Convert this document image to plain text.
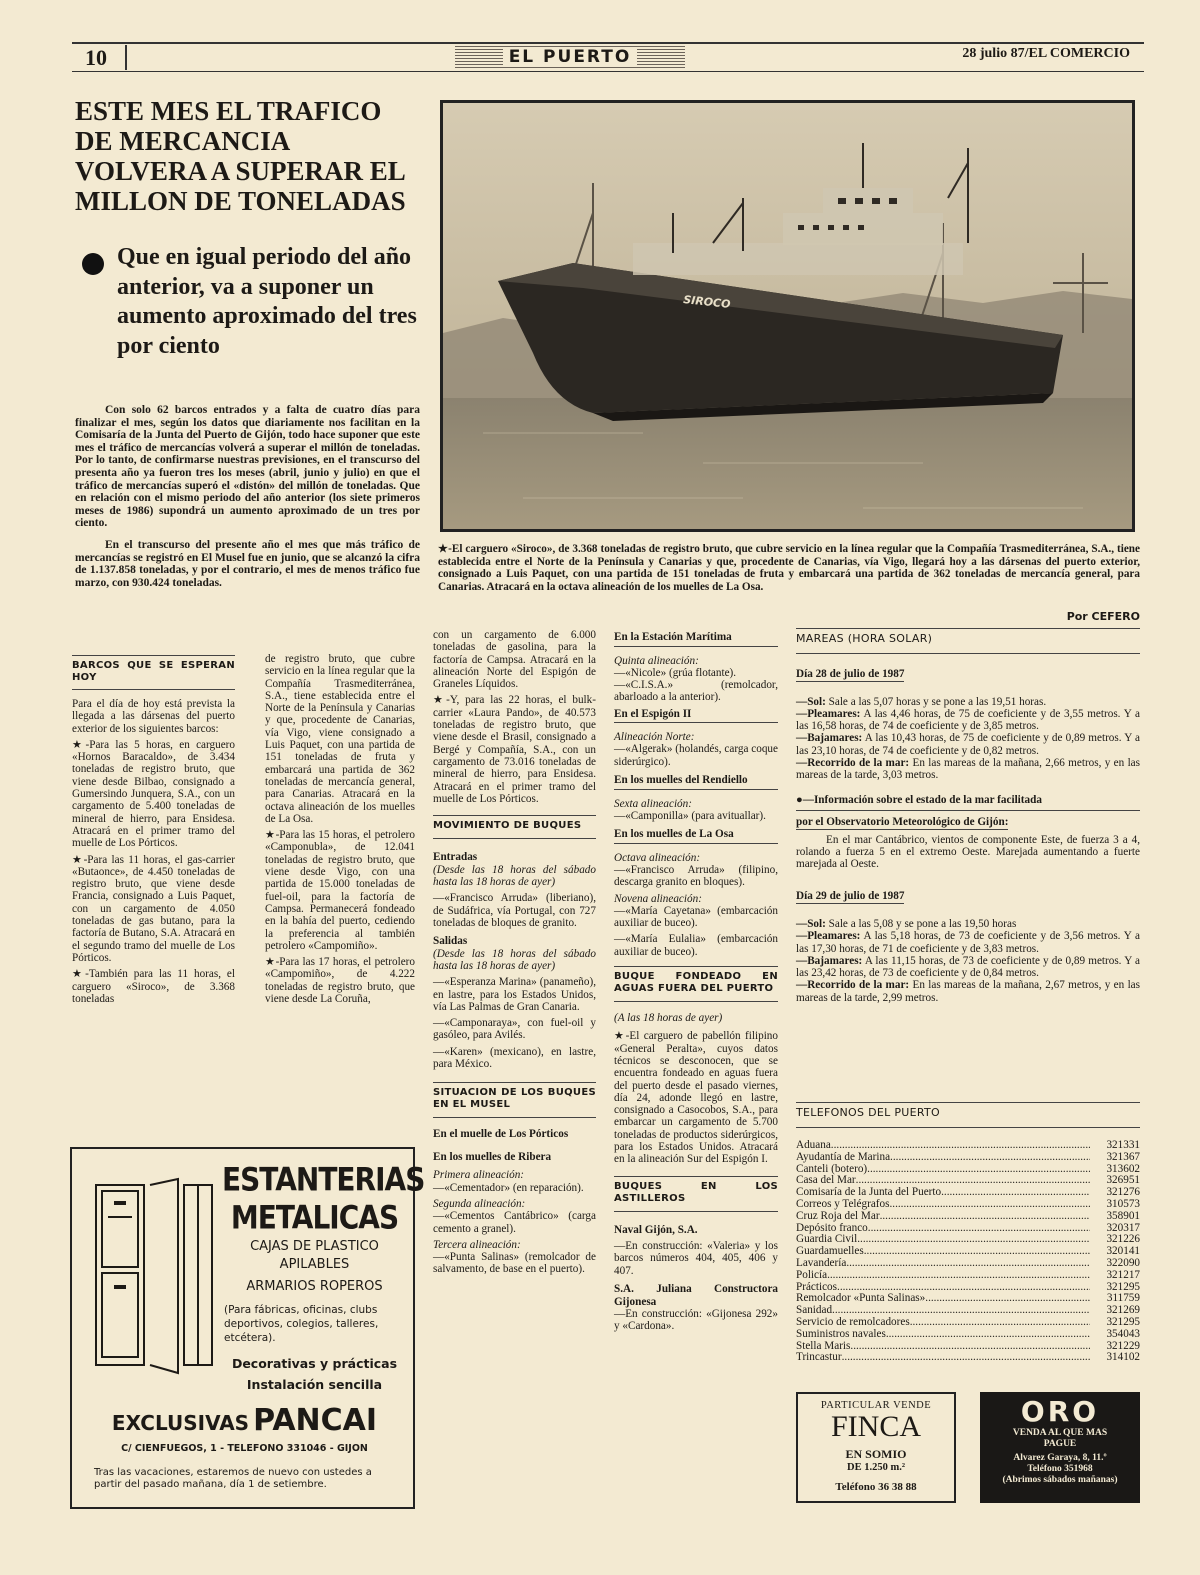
10	EL PUERTO	28 julio 87/EL COMERCIO
ESTE MES EL TRAFICO DE MERCANCIA VOLVERA A SUPERAR EL MILLON DE TONELADAS
Que en igual periodo del año anterior, va a suponer un aumento aproximado del tres por ciento

Con solo 62 barcos entrados y a falta de cuatro días para finalizar el mes, según los datos que diariamente nos facilitan en la Comisaría de la Junta del Puerto de Gijón, todo hace suponer que este mes el tráfico de mercancías volverá a superar el millón de toneladas. Por lo tanto, de confirmarse nuestras previsiones, en el transcurso del presenta año ya fueron tres los meses (abril, junio y julio) en que el tráfico de mercancías superó el «distón» del millón de toneladas. Que en relación con el mismo periodo del año anterior (los siete primeros meses de 1986) supondrá un aumento aproximado de un tres por ciento.

En el transcurso del presente año el mes que más tráfico de mercancías se registró en El Musel fue en junio, que se alcanzó la cifra de 1.137.858 toneladas, y por el contrario, el mes de menos tráfico fue marzo, con 930.424 toneladas.

SIROCO
★-El carguero «Siroco», de 3.368 toneladas de registro bruto, que cubre servicio en la línea regular que la Compañía Trasmediterránea, S.A., tiene establecida entre el Norte de la Península y Canarias y que, procedente de Canarias, vía Vigo, llegará hoy a las dársenas del puerto exterior, consignado a Luis Paquet, con una partida de 151 toneladas de fruta y embarcará una partida de 362 toneladas de mercancía general, para Canarias. Atracará en la octava alineación de los muelles de La Osa.
Por CEFERO
BARCOS QUE SE ESPERAN HOY

Para el día de hoy está prevista la llegada a las dársenas del puerto exterior de los siguientes barcos:

★-Para las 5 horas, en carguero «Hornos Baracaldo», de 3.434 toneladas de registro bruto, que viene desde Bilbao, consignado a Gumersindo Junquera, S.A., con un cargamento de 5.400 toneladas de mineral de hierro, para Ensidesa. Atracará en el primer tramo del muelle de Los Pórticos.

★-Para las 11 horas, el gas-carrier «Butaonce», de 4.450 toneladas de registro bruto, que viene desde Francia, consignado a Luis Paquet, con un cargamento de 4.050 toneladas de gas butano, para la factoría de Butano, S.A. Atracará en el segundo tramo del muelle de Los Pórticos.

★-También para las 11 horas, el carguero «Siroco», de 3.368 toneladas

de registro bruto, que cubre servicio en la línea regular que la Compañía Trasmediterránea, S.A., tiene establecida entre el Norte de la Península y Canarias y que, procedente de Canarias, vía Vigo, viene consignado a Luis Paquet, con una partida de 151 toneladas de fruta y embarcará una partida de 362 toneladas de mercancía general, para Canarias. Atracará en la octava alineación de los muelles de La Osa.

★-Para las 15 horas, el petrolero «Camponubla», de 12.041 toneladas de registro bruto, que viene desde Vigo, con una partida de 15.000 toneladas de fuel-oil, para la factoría de Campsa. Permanecerá fondeado en la bahía del puerto, cediendo la preferencia al también petrolero «Campomiño».

★-Para las 17 horas, el petrolero «Campomiño», de 4.222 toneladas de registro bruto, que viene desde La Coruña,

con un cargamento de 6.000 toneladas de gasolina, para la factoría de Campsa. Atracará en la alineación Norte del Espigón de Graneles Líquidos.

★-Y, para las 22 horas, el bulk-carrier «Laura Pando», de 40.573 toneladas de registro bruto, que viene desde el Brasil, consignado a Bergé y Compañía, S.A., con un cargamento de 73.016 toneladas de mineral de hierro, para Ensidesa. Atracará en el primer tramo del muelle de Los Pórticos.

MOVIMIENTO DE BUQUES
Entradas
(Desde las 18 horas del sábado hasta las 18 horas de ayer)

—«Francisco Arruda» (liberiano), de Sudáfrica, vía Portugal, con 727 toneladas de bloques de granito.

Salidas
(Desde las 18 horas del sábado hasta las 18 horas de ayer)

—«Esperanza Marina» (panameño), en lastre, para los Estados Unidos, vía Las Palmas de Gran Canaria.

—«Camponaraya», con fuel-oil y gasóleo, para Avilés.

—«Karen» (mexicano), en lastre, para México.

SITUACION DE LOS BUQUES EN EL MUSEL
En el muelle de Los Pórticos
En los muelles de Ribera
Primera alineación:

—«Cementador» (en reparación).

Segunda alineación:

—«Cementos Cantábrico» (carga cemento a granel).

Tercera alineación:

—«Punta Salinas» (remolcador de salvamento, de base en el puerto).

En la Estación Marítima
Quinta alineación:

—«Nicole» (grúa flotante).

—«C.I.S.A.» (remolcador, abarloado a la anterior).

En el Espigón II
Alineación Norte:

—«Algerak» (holandés, carga coque siderúrgico).

En los muelles del Rendiello
Sexta alineación:

—«Camponilla» (para avituallar).

En los muelles de La Osa
Octava alineación:

—«Francisco Arruda» (filipino, descarga granito en bloques).

Novena alineación:

—«María Cayetana» (embarcación auxiliar de buceo).

—«María Eulalia» (embarcación auxiliar de buceo).

BUQUE FONDEADO EN AGUAS FUERA DEL PUERTO
(A las 18 horas de ayer)

★-El carguero de pabellón filipino «General Peralta», cuyos datos técnicos se desconocen, que se encuentra fondeado en aguas fuera del puerto desde el pasado viernes, día 24, adonde llegó en lastre, consignado a Casocobos, S.A., para embarcar un cargamento de 5.700 toneladas de productos siderúrgicos, para los Estados Unidos. Atracará en la alineación Sur del Espigón I.

BUQUES EN LOS ASTILLEROS
Naval Gijón, S.A.

—En construcción: «Valeria» y los barcos números 404, 405, 406 y 407.

S.A. Juliana Constructora Gijonesa

—En construcción: «Gijonesa 292» y «Cardona».

MAREAS (HORA SOLAR)
Día 28 de julio de 1987
—Sol: Sale a las 5,07 horas y se pone a las 19,51 horas.
—Pleamares: A las 4,46 horas, de 75 de coeficiente y de 3,55 metros. Y a las 16,58 horas, de 74 de coeficiente y de 3,85 metros.
—Bajamares: A las 10,43 horas, de 75 de coeficiente y de 0,89 metros. Y a las 23,10 horas, de 74 de coeficiente y de 0,82 metros.
—Recorrido de la mar: En las mareas de la mañana, 2,66 metros, y en las mareas de la tarde, 3,03 metros.
●—Información sobre el estado de la mar facilitada
por el Observatorio Meteorológico de Gijón:

En el mar Cantábrico, vientos de componente Este, de fuerza 3 a 4, rolando a fuerza 5 en el extremo Oeste. Marejada aumentando a fuerte marejada al Oeste.

Día 29 de julio de 1987
—Sol: Sale a las 5,08 y se pone a las 19,50 horas
—Pleamares: A las 5,18 horas, de 73 de coeficiente y de 3,56 metros. Y a las 17,30 horas, de 71 de coeficiente y de 3,83 metros.
—Bajamares: A las 11,15 horas, de 73 de coeficiente y de 0,89 metros. Y a las 23,42 horas, de 73 de coeficiente y de 0,84 metros.
—Recorrido de la mar: En las mareas de la mañana, 2,67 metros, y en las mareas de la tarde, 2,99 metros.
TELEFONOS DEL PUERTO
Aduana .....	321331
Ayudantía de Marina .....	321367
Canteli (botero) .....	313602
Casa del Mar .....	326951
Comisaría de la Junta del Puerto .....	321276
Correos y Telégrafos .....	310573
Cruz Roja del Mar .....	358901
Depósito franco .....	320317
Guardia Civil .....	321226
Guardamuelles .....	320141
Lavandería .....	322090
Policía .....	321217
Prácticos .....	321295
Remolcador «Punta Salinas» .....	311759
Sanidad .....	321269
Servicio de remolcadores .....	321295
Suministros navales .....	354043
Stella Maris .....	321229
Trincastur .....	314102
ESTANTERIAS
METALICAS
CAJAS DE PLASTICO
APILABLES
ARMARIOS ROPEROS
(Para fábricas, oficinas, clubs deportivos, colegios, talleres, etcétera).
Decorativas y prácticas
Instalación sencilla
EXCLUSIVAS PANCAI
C/ CIENFUEGOS, 1 - TELEFONO 331046 - GIJON
Tras las vacaciones, estaremos de nuevo con ustedes a partir del pasado mañana, día 1 de setiembre.
PARTICULAR VENDE
FINCA
EN SOMIO
DE 1.250 m.²
Teléfono 36 38 88
ORO
VENDA AL QUE MAS PAGUE
Alvarez Garaya, 8, 11.º
Teléfono 351968
(Abrimos sábados mañanas)
